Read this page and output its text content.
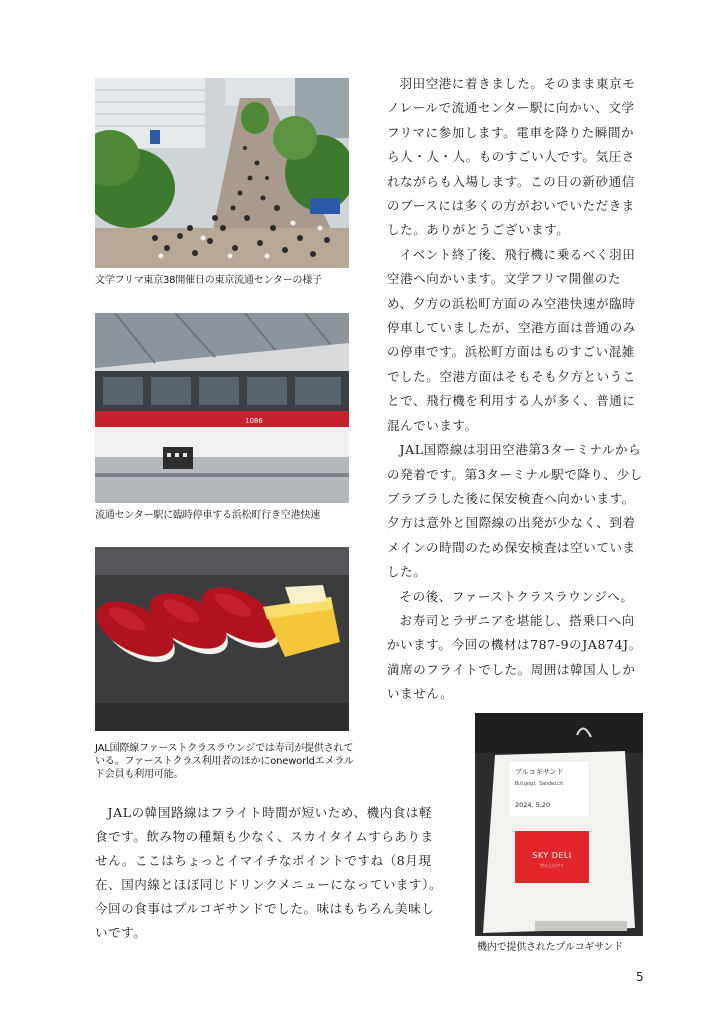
羽田空港に着きました。そのまま東京モノレールで流通センター駅に向かい、文学フリマに参加します。電車を降りた瞬間から人・人・人。ものすごい人です。気圧されながらも入場します。この日の新砂通信のブースには多くの方がおいでいただきました。ありがとうございます。

イベント終了後、飛行機に乗るべく羽田空港へ向かいます。文学フリマ開催のため、夕方の浜松町方面のみ空港快速が臨時停車していましたが、空港方面は普通のみの停車です。浜松町方面はものすごい混雑でした。空港方面はそもそも夕方ということで、飛行機を利用する人が多く、普通に混んでいます。

JAL国際線は羽田空港第3ターミナルからの発着です。第3ターミナル駅で降り、少しブラブラした後に保安検査へ向かいます。夕方は意外と国際線の出発が少なく、到着メインの時間のため保安検査は空いていました。

その後、ファーストクラスラウンジへ。

お寿司とラザニアを堪能し、搭乗口へ向かいます。今回の機材は787-9のJA874J。満席のフライトでした。周囲は韓国人しかいません。

文学フリマ東京38開催日の東京流通センターの様子
1086
流通センター駅に臨時停車する浜松町行き空港快速
JAL国際線ファーストクラスラウンジでは寿司が提供されている。ファーストクラス利用者のほかにoneworldエメラルド会員も利用可能。

JALの韓国路線はフライト時間が短いため、機内食は軽食です。飲み物の種類も少なく、スカイタイムすらありません。ここはちょっとイマイチなポイントですね（8月現在、国内線とほぼ同じドリンクメニューになっています）。今回の食事はプルコギサンドでした。味はもちろん美味しいです。

プルコギサンド
Bulgogi Sandwich
2024. 5.20
SKY DELI
空の上のデリ
機内で提供されたプルコギサンド
5
